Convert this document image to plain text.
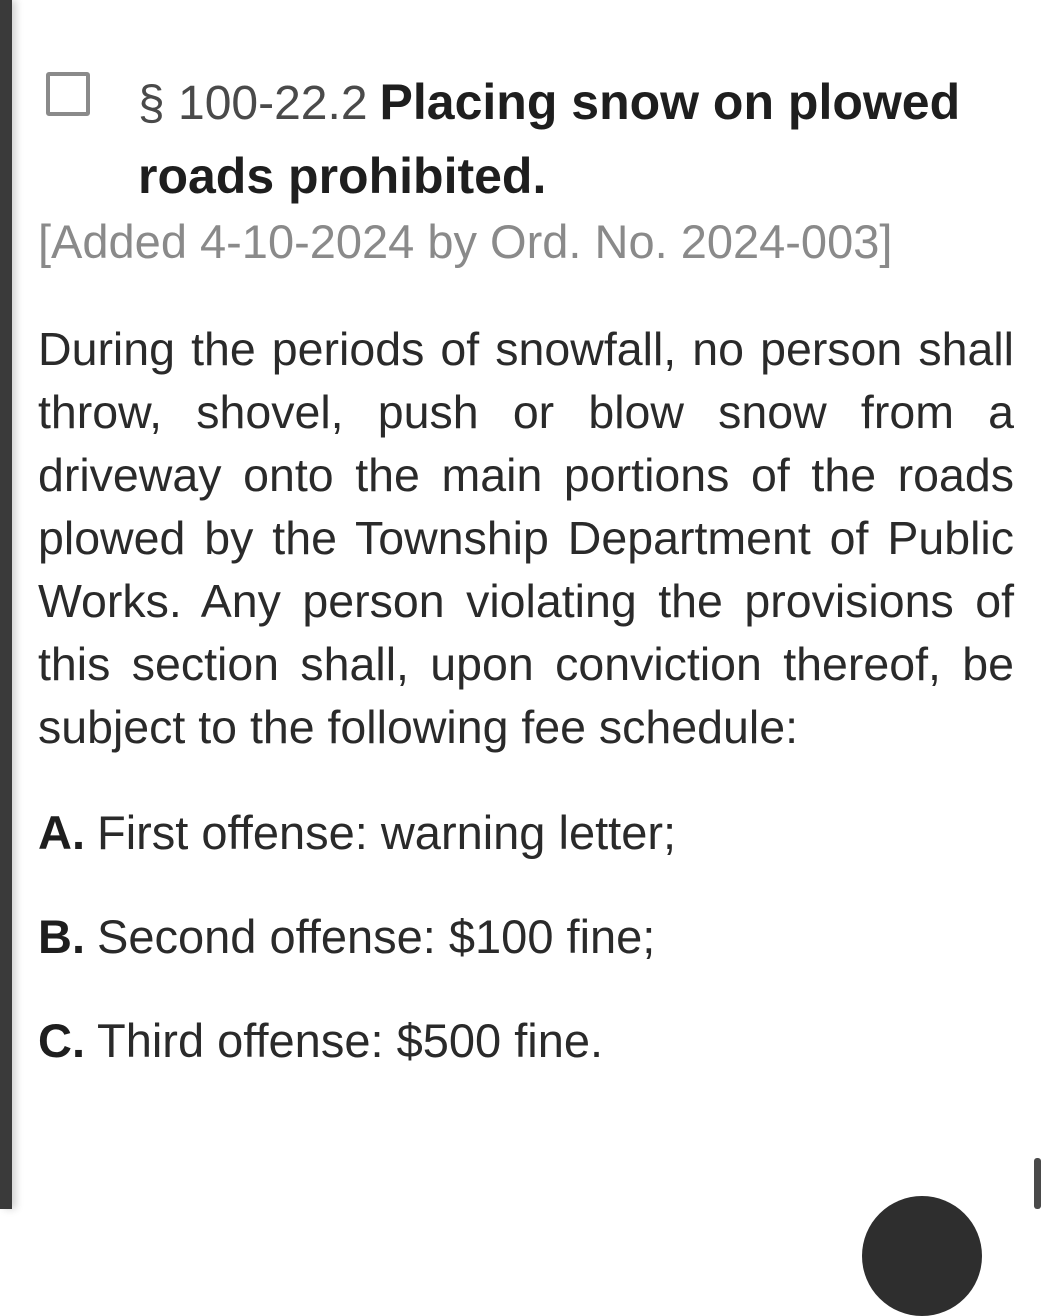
§ 100-22.2 Placing snow on plowed roads prohibited.
[Added 4-10-2024 by Ord. No. 2024-003]
During the periods of snowfall, no person shall throw, shovel, push or blow snow from a driveway onto the main portions of the roads plowed by the Township Department of Public Works. Any person violating the provisions of this section shall, upon conviction thereof, be subject to the following fee schedule:
A. First offense: warning letter;
B. Second offense: $100 fine;
C. Third offense: $500 fine.
